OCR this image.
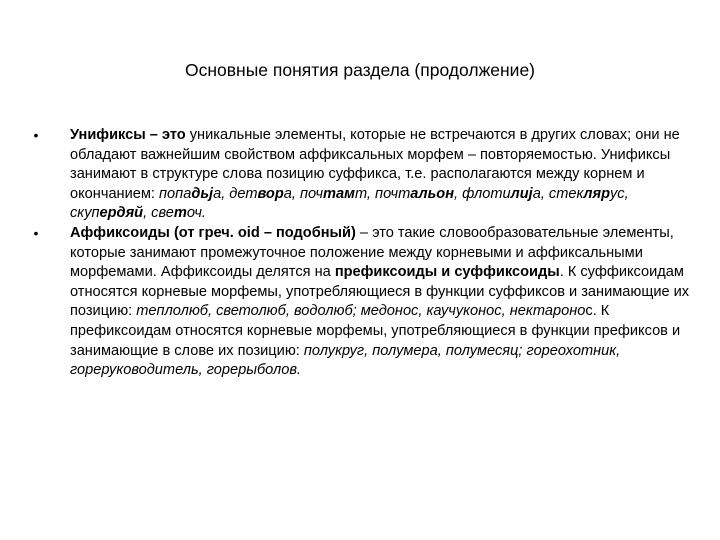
Основные понятия раздела (продолжение)
• Унификсы – это уникальные элементы, которые не встречаются в других словах; они не обладают важнейшим свойством аффиксальных морфем – повторяемостью. Унификсы занимают в структуре слова позицию суффикса, т.е. располагаются между корнем и окончанием: попадьја, детвора, почтамт, почтальон, флотилија, стеклярус, скупердяй, светоч.
• Аффиксоиды (от греч. oid – подобный) – это такие словообразовательные элементы, которые занимают промежуточное положение между корневыми и аффиксальными морфемами. Аффиксоиды делятся на префиксоиды и суффиксоиды. К суффиксоидам относятся корневые морфемы, употребляющиеся в функции суффиксов и занимающие их позицию: теплолюб, светолюб, водолюб; медонос, каучуконос, нектаронос. К префиксоидам относятся корневые морфемы, употребляющиеся в функции префиксов и занимающие в слове их позицию: полукруг, полумера, полумесяц; гореохотник, гореруководитель, горерыболов.
